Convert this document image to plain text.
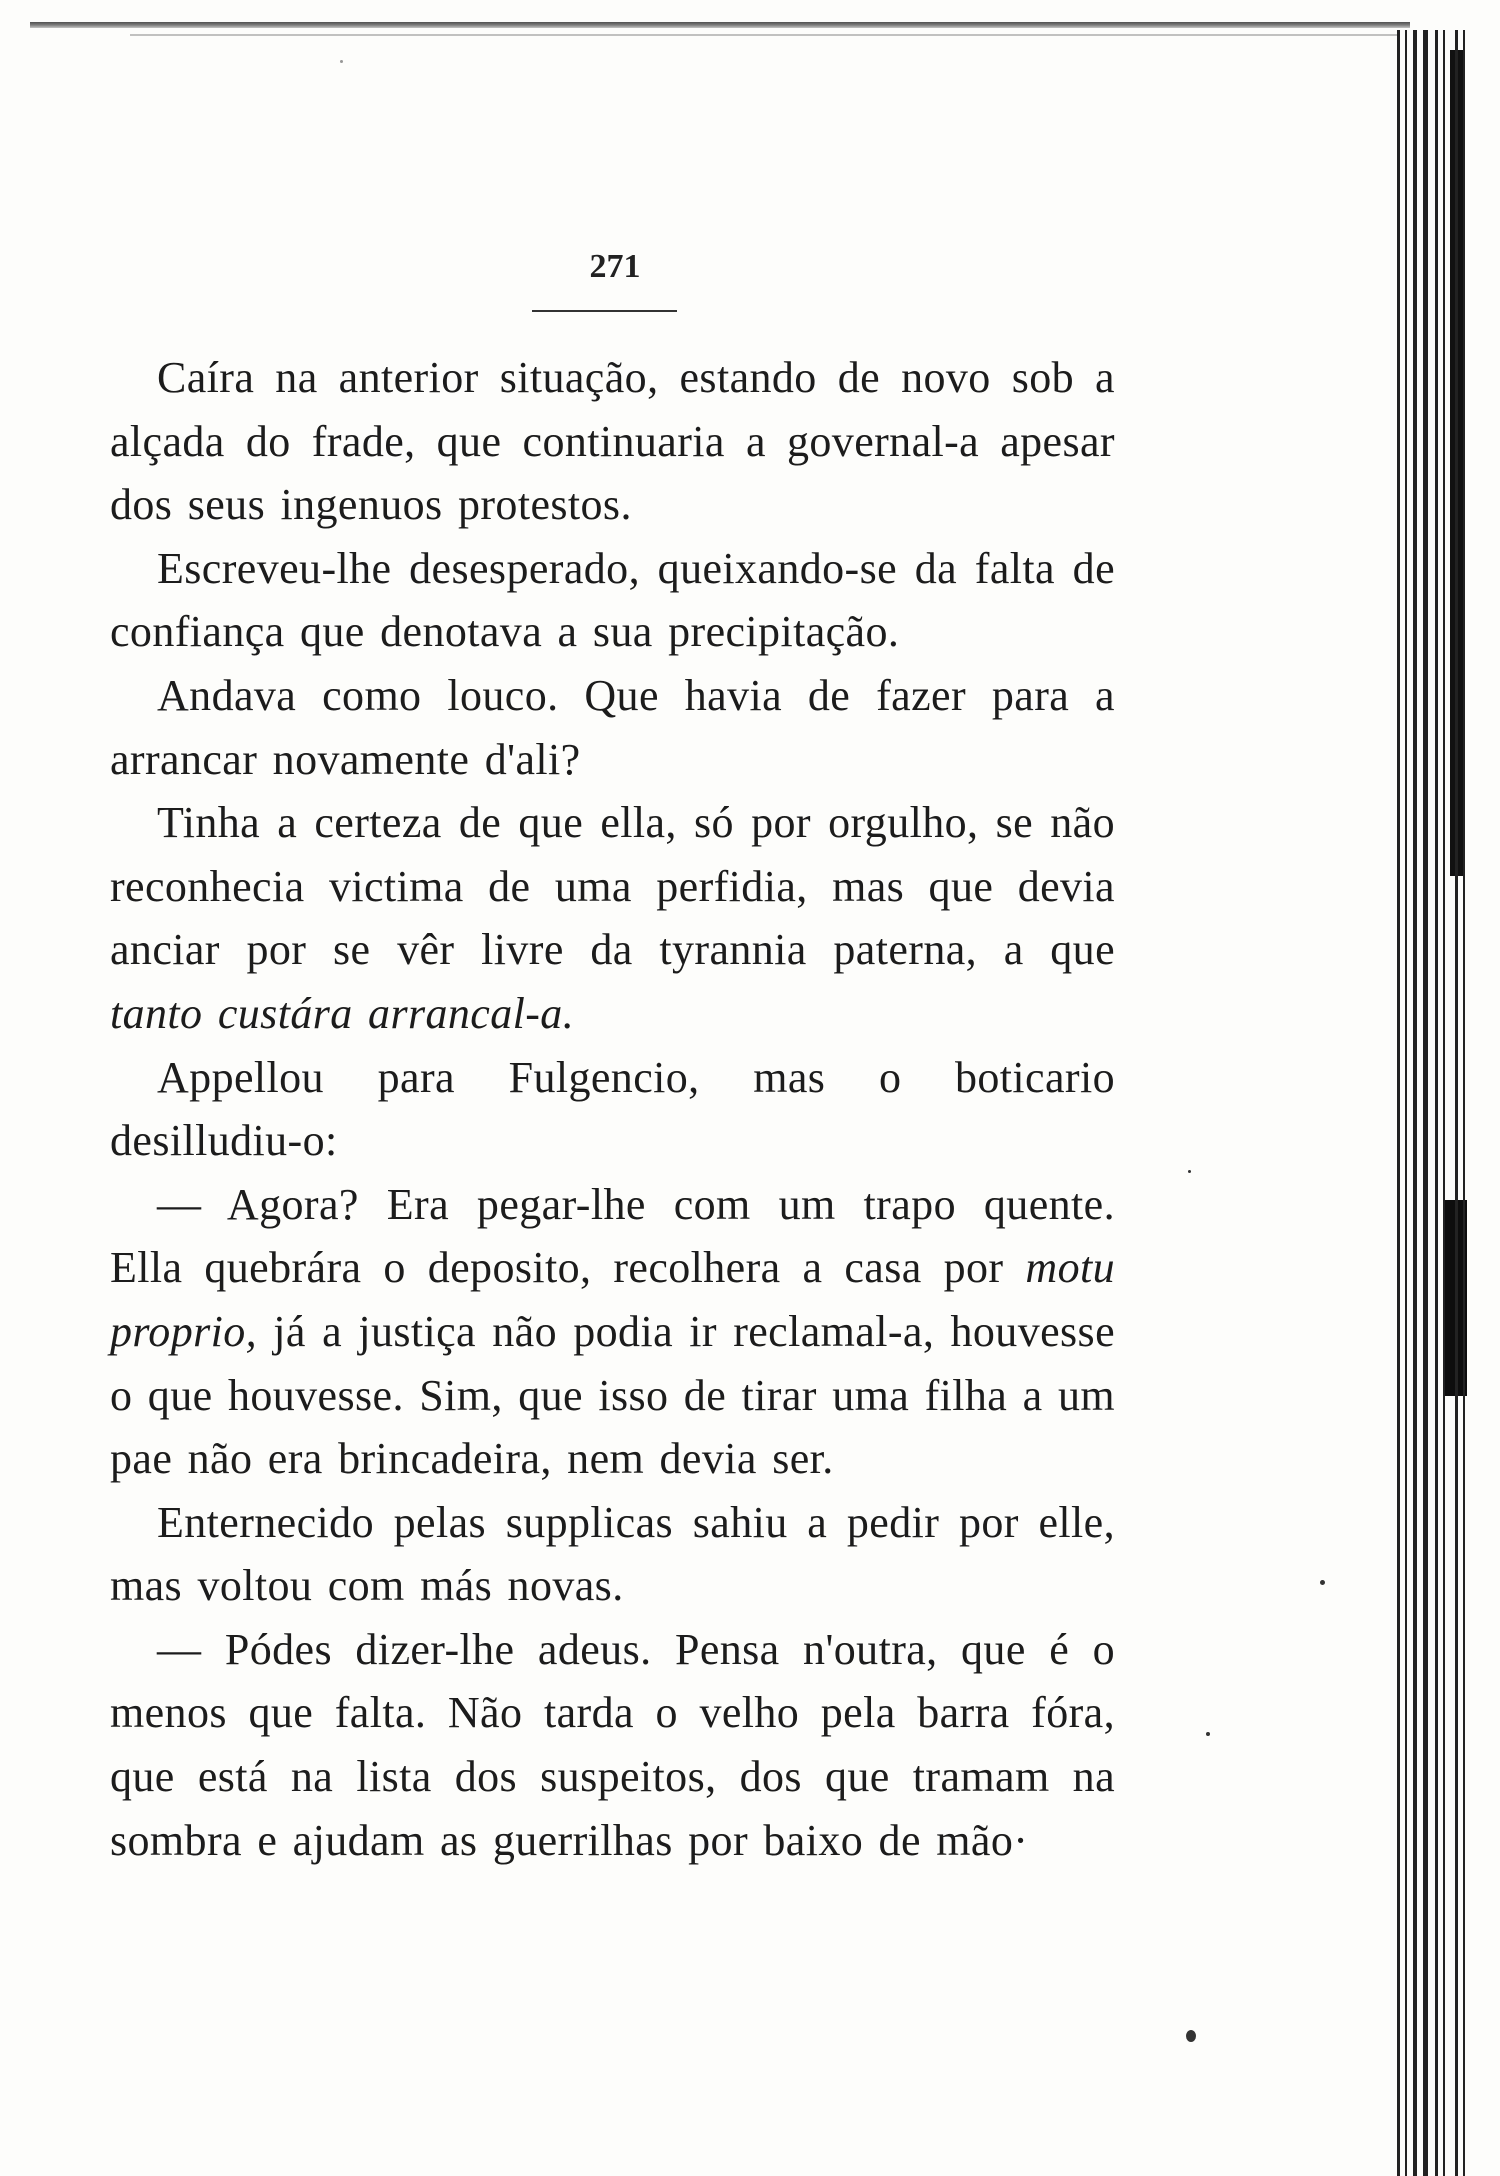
271

Caíra na anterior situação, estando de novo sob a alçada do frade, que continuaria a governal-a apesar dos seus ingenuos protestos.

Escreveu-lhe desesperado, queixando-se da falta de confiança que denotava a sua precipitação.

Andava como louco. Que havia de fazer para a arrancar novamente d'ali?

Tinha a certeza de que ella, só por orgulho, se não reconhecia victima de uma perfidia, mas que devia anciar por se vêr livre da tyrannia paterna, a que tanto custára arrancal-a.

Appellou para Fulgencio, mas o boticario desilludiu-o:

— Agora? Era pegar-lhe com um trapo quente. Ella quebrára o deposito, recolhera a casa por motu proprio, já a justiça não podia ir reclamal-a, houvesse o que houvesse. Sim, que isso de tirar uma filha a um pae não era brincadeira, nem devia ser.

Enternecido pelas supplicas sahiu a pedir por elle, mas voltou com más novas.

— Pódes dizer-lhe adeus. Pensa n'outra, que é o menos que falta. Não tarda o velho pela barra fóra, que está na lista dos suspeitos, dos que tramam na sombra e ajudam as guerrilhas por baixo de mão·
